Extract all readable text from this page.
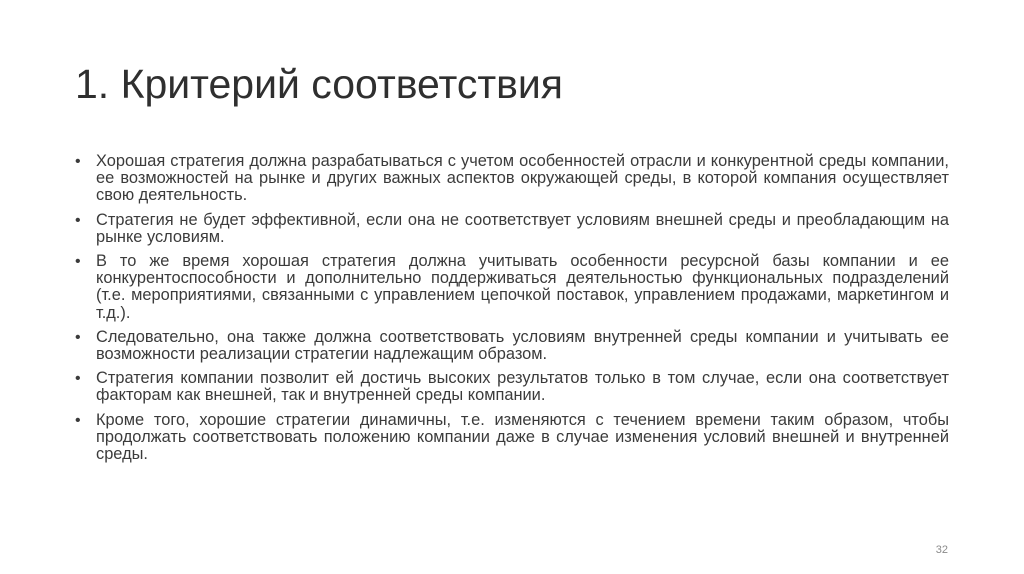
1. Критерий соответствия
• Хорошая стратегия должна разрабатываться с учетом особенностей отрасли и конкурентной среды компании, ее возможностей на рынке и других важных аспектов окружающей среды, в которой компания осуществляет свою деятельность.
• Стратегия не будет эффективной, если она не соответствует условиям внешней среды и преобладающим на рынке условиям.
• В то же время хорошая стратегия должна учитывать особенности ресурсной базы компании и ее конкурентоспособности и дополнительно поддерживаться деятельностью функциональных подразделений (т.е. мероприятиями, связанными с управлением цепочкой поставок, управлением продажами, маркетингом и т.д.).
• Следовательно, она также должна соответствовать условиям внутренней среды компании и учитывать ее возможности реализации стратегии надлежащим образом.
• Стратегия компании позволит ей достичь высоких результатов только в том случае, если она соответствует факторам как внешней, так и внутренней среды компании.
• Кроме того, хорошие стратегии динамичны, т.е. изменяются с течением времени таким образом, чтобы продолжать соответствовать положению компании даже в случае изменения условий внешней и внутренней среды.
32
